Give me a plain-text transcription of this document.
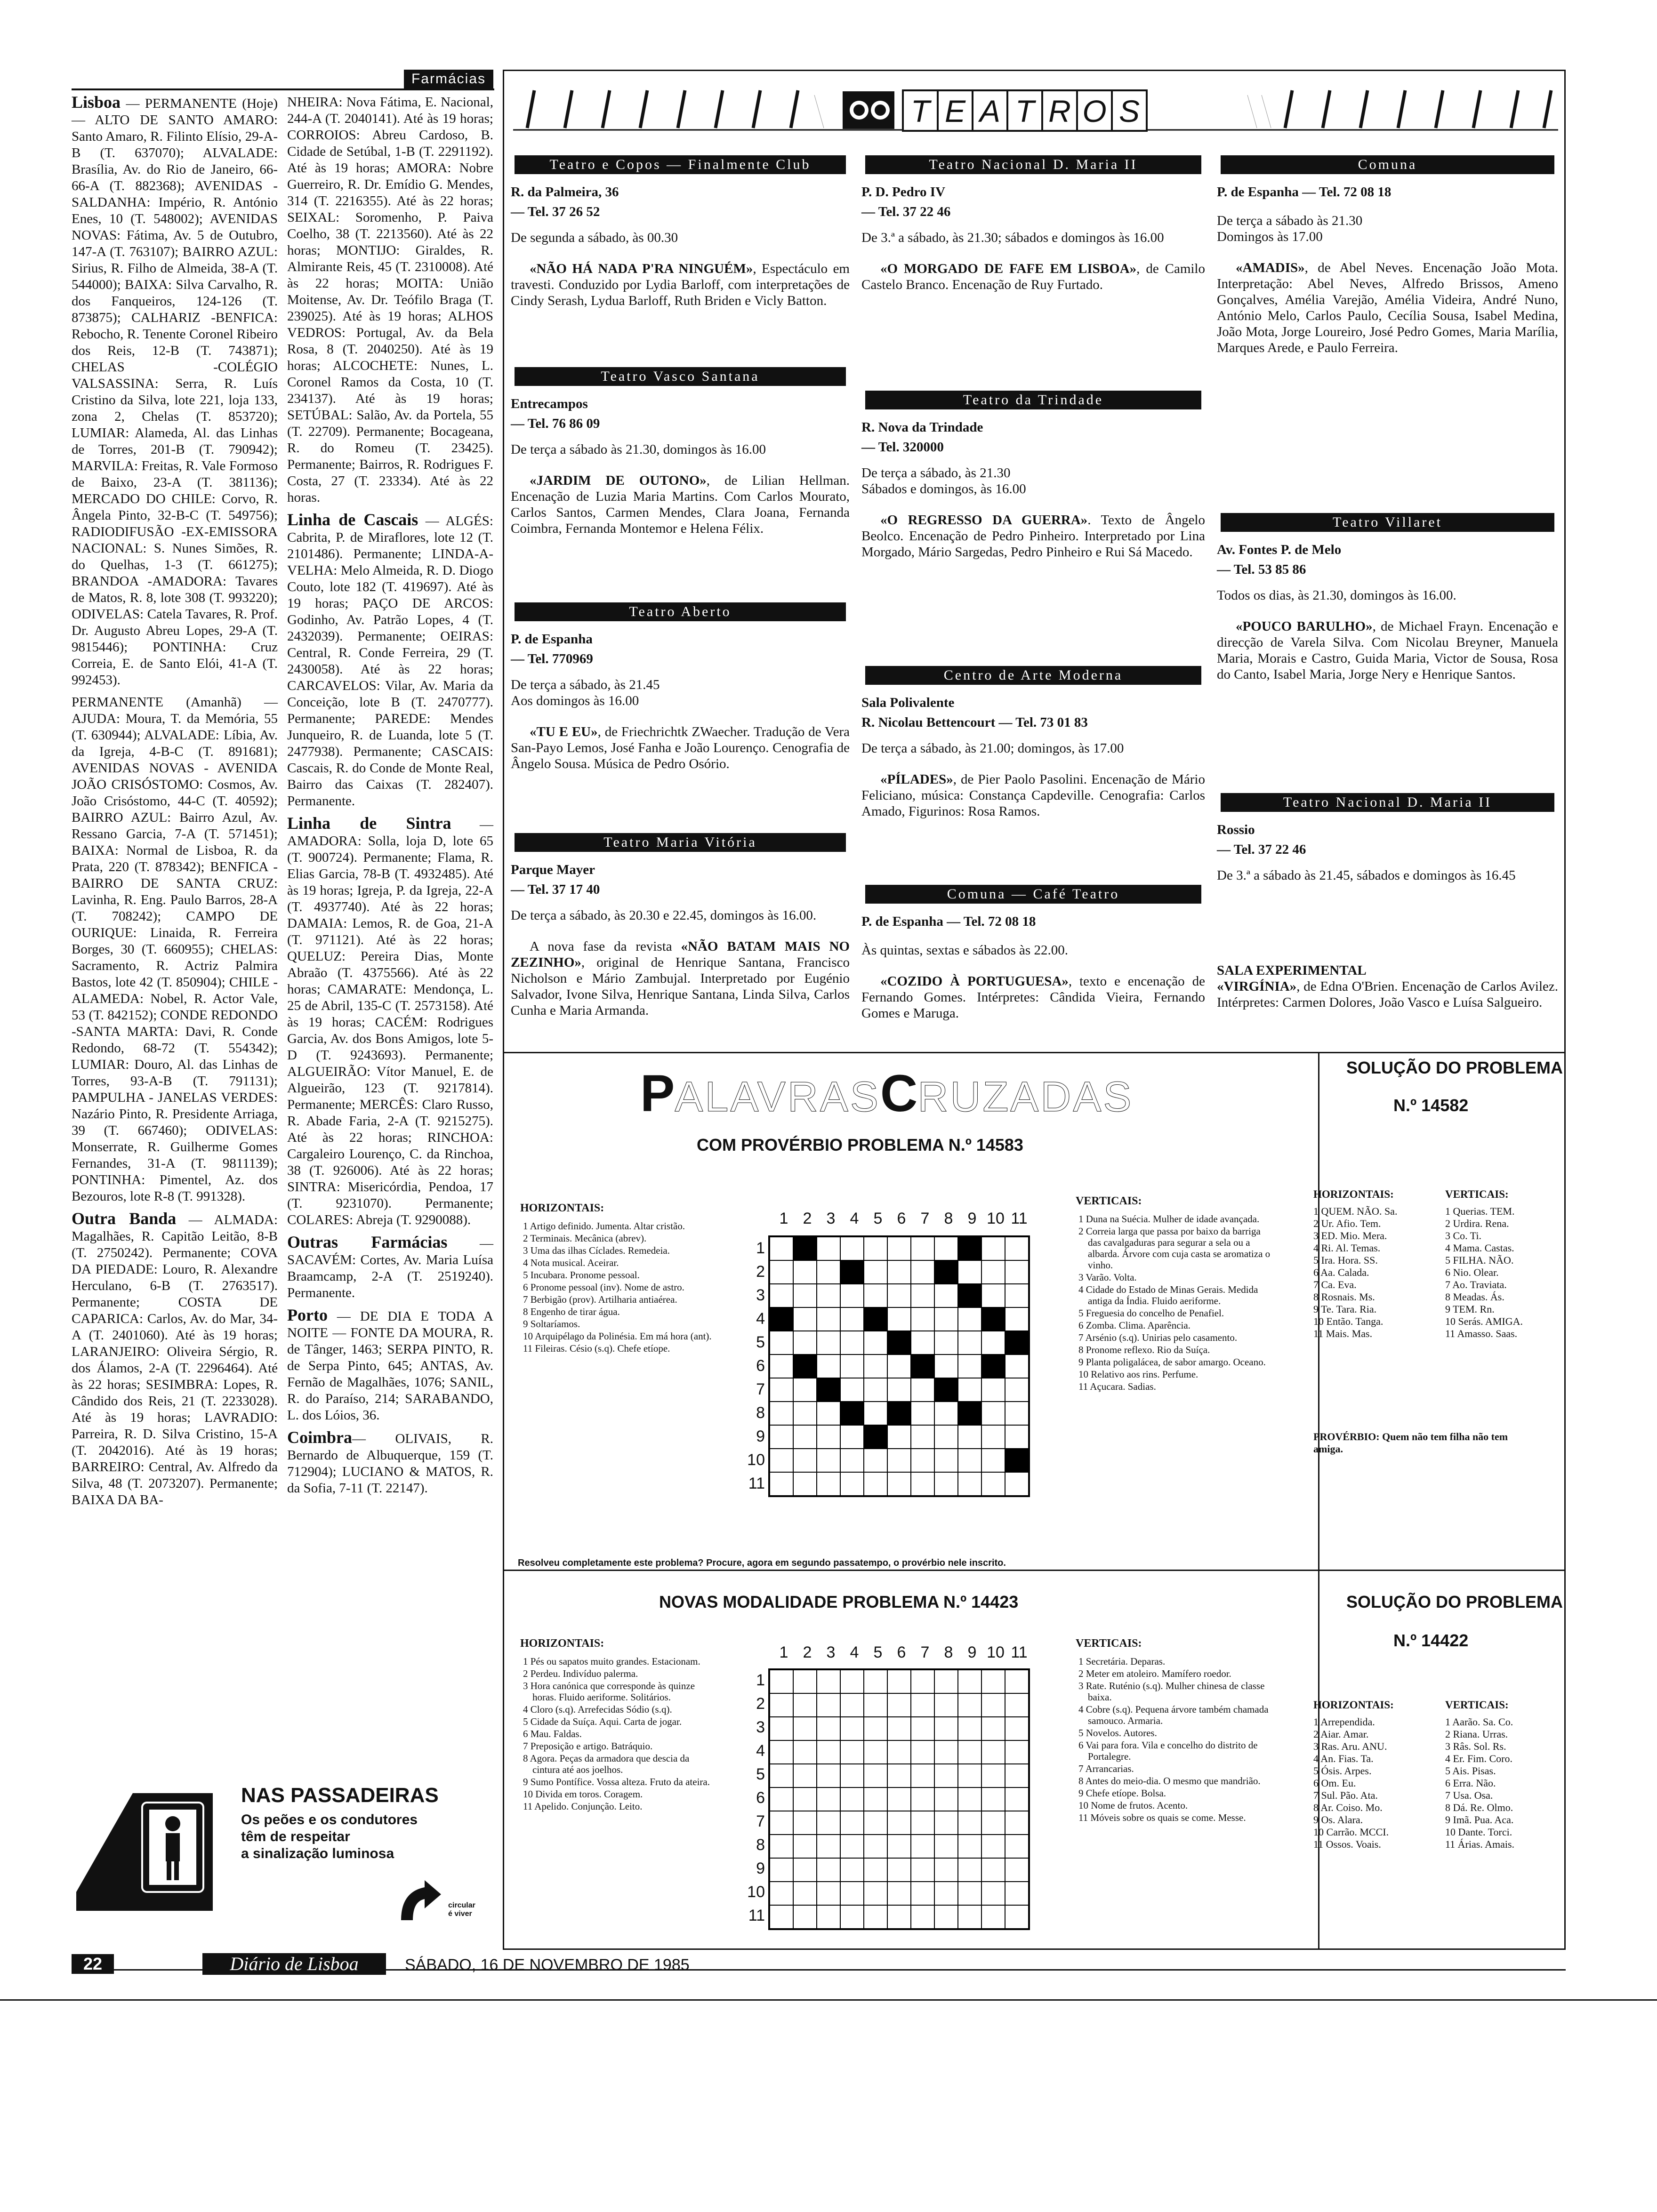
Farmácias

Lisboa — PERMANENTE (Hoje) — ALTO DE SANTO AMARO: Santo Amaro, R. Filinto Elísio, 29-A-B (T. 637070); ALVALADE: Brasília, Av. do Rio de Janeiro, 66-66-A (T. 882368); AVENIDAS - SALDANHA: Império, R. António Enes, 10 (T. 548002); AVENIDAS NOVAS: Fátima, Av. 5 de Outubro, 147-A (T. 763107); BAIRRO AZUL: Sirius, R. Filho de Almeida, 38-A (T. 544000); BAIXA: Silva Carvalho, R. dos Fanqueiros, 124-126 (T. 873875); CALHARIZ -BENFICA: Rebocho, R. Tenente Coronel Ribeiro dos Reis, 12-B (T. 743871); CHELAS -COLÉGIO VALSASSINA: Serra, R. Luís Cristino da Silva, lote 221, loja 133, zona 2, Chelas (T. 853720); LUMIAR: Alameda, Al. das Linhas de Torres, 201-B (T. 790942); MARVILA: Freitas, R. Vale Formoso de Baixo, 23-A (T. 381136); MERCADO DO CHILE: Corvo, R. Ângela Pinto, 32-B-C (T. 549756); RADIODIFUSÃO -EX-EMISSORA NACIONAL: S. Nunes Simões, R. do Quelhas, 1-3 (T. 661275); BRANDOA -AMADORA: Tavares de Matos, R. 8, lote 308 (T. 993220); ODIVELAS: Catela Tavares, R. Prof. Dr. Augusto Abreu Lopes, 29-A (T. 9815446); PONTINHA: Cruz Correia, E. de Santo Elói, 41-A (T. 992453).

PERMANENTE (Amanhã) — AJUDA: Moura, T. da Memória, 55 (T. 630944); ALVALADE: Líbia, Av. da Igreja, 4-B-C (T. 891681); AVENIDAS NOVAS - AVENIDA JOÃO CRISÓSTOMO: Cosmos, Av. João Crisóstomo, 44-C (T. 40592); BAIRRO AZUL: Bairro Azul, Av. Ressano Garcia, 7-A (T. 571451); BAIXA: Normal de Lisboa, R. da Prata, 220 (T. 878342); BENFICA -BAIRRO DE SANTA CRUZ: Lavinha, R. Eng. Paulo Barros, 28-A (T. 708242); CAMPO DE OURIQUE: Linaida, R. Ferreira Borges, 30 (T. 660955); CHELAS: Sacramento, R. Actriz Palmira Bastos, lote 42 (T. 850904); CHILE - ALAMEDA: Nobel, R. Actor Vale, 53 (T. 842152); CONDE REDONDO -SANTA MARTA: Davi, R. Conde Redondo, 68-72 (T. 554342); LUMIAR: Douro, Al. das Linhas de Torres, 93-A-B (T. 791131); PAMPULHA - JANELAS VERDES: Nazário Pinto, R. Presidente Arriaga, 39 (T. 667460); ODIVELAS: Monserrate, R. Guilherme Gomes Fernandes, 31-A (T. 9811139); PONTINHA: Pimentel, Az. dos Bezouros, lote R-8 (T. 991328).

Outra Banda — ALMADA: Magalhães, R. Capitão Leitão, 8-B (T. 2750242). Permanente; COVA DA PIEDADE: Louro, R. Alexandre Herculano, 6-B (T. 2763517). Permanente; COSTA DE CAPARICA: Carlos, Av. do Mar, 34-A (T. 2401060). Até às 19 horas; LARANJEIRO: Oliveira Sérgio, R. dos Álamos, 2-A (T. 2296464). Até às 22 horas; SESIMBRA: Lopes, R. Cândido dos Reis, 21 (T. 2233028). Até às 19 horas; LAVRADIO: Parreira, R. D. Silva Cristino, 15-A (T. 2042016). Até às 19 horas; BARREIRO: Central, Av. Alfredo da Silva, 48 (T. 2073207). Permanente; BAIXA DA BA-

NHEIRA: Nova Fátima, E. Nacional, 244-A (T. 2040141). Até às 19 horas; CORROIOS: Abreu Cardoso, B. Cidade de Setúbal, 1-B (T. 2291192). Até às 19 horas; AMORA: Nobre Guerreiro, R. Dr. Emídio G. Mendes, 314 (T. 2216355). Até às 22 horas; SEIXAL: Soromenho, P. Paiva Coelho, 38 (T. 2213560). Até às 22 horas; MONTIJO: Giraldes, R. Almirante Reis, 45 (T. 2310008). Até às 22 horas; MOITA: União Moitense, Av. Dr. Teófilo Braga (T. 239025). Até às 19 horas; ALHOS VEDROS: Portugal, Av. da Bela Rosa, 8 (T. 2040250). Até às 19 horas; ALCOCHETE: Nunes, L. Coronel Ramos da Costa, 10 (T. 234137). Até às 19 horas; SETÚBAL: Salão, Av. da Portela, 55 (T. 22709). Permanente; Bocageana, R. do Romeu (T. 23425). Permanente; Bairros, R. Rodrigues F. Costa, 27 (T. 23334). Até às 22 horas.

Linha de Cascais — ALGÉS: Cabrita, P. de Miraflores, lote 12 (T. 2101486). Permanente; LINDA-A-VELHA: Melo Almeida, R. D. Diogo Couto, lote 182 (T. 419697). Até às 19 horas; PAÇO DE ARCOS: Godinho, Av. Patrão Lopes, 4 (T. 2432039). Permanente; OEIRAS: Central, R. Conde Ferreira, 29 (T. 2430058). Até às 22 horas; CARCAVELOS: Vilar, Av. Maria da Conceição, lote B (T. 2470777). Permanente; PAREDE: Mendes Junqueiro, R. de Luanda, lote 5 (T. 2477938). Permanente; CASCAIS: Cascais, R. do Conde de Monte Real, Bairro das Caixas (T. 282407). Permanente.

Linha de Sintra — AMADORA: Solla, loja D, lote 65 (T. 900724). Permanente; Flama, R. Elias Garcia, 78-B (T. 4932485). Até às 19 horas; Igreja, P. da Igreja, 22-A (T. 4937740). Até às 22 horas; DAMAIA: Lemos, R. de Goa, 21-A (T. 971121). Até às 22 horas; QUELUZ: Pereira Dias, Monte Abraão (T. 4375566). Até às 22 horas; CAMARATE: Mendonça, L. 25 de Abril, 135-C (T. 2573158). Até às 19 horas; CACÉM: Rodrigues Garcia, Av. dos Bons Amigos, lote 5-D (T. 9243693). Permanente; ALGUEIRÃO: Vítor Manuel, E. de Algueirão, 123 (T. 9217814). Permanente; MERCÊS: Claro Russo, R. Abade Faria, 2-A (T. 9215275). Até às 22 horas; RINCHOA: Cargaleiro Lourenço, C. da Rinchoa, 38 (T. 926006). Até às 22 horas; SINTRA: Misericórdia, Pendoa, 17 (T. 9231070). Permanente; COLARES: Abreja (T. 9290088).

Outras Farmácias — SACAVÉM: Cortes, Av. Maria Luísa Braamcamp, 2-A (T. 2519240). Permanente.

Porto — DE DIA E TODA A NOITE — FONTE DA MOURA, R. de Tânger, 1463; SERPA PINTO, R. de Serpa Pinto, 645; ANTAS, Av. Fernão de Magalhães, 1076; SANIL, R. do Paraíso, 214; SARABANDO, L. dos Lóios, 36.

Coimbra— OLIVAIS, R. Bernardo de Albuquerque, 159 (T. 712904); LUCIANO & MATOS, R. da Sofia, 7-11 (T. 22147).

NAS PASSADEIRAS
Os peões e os condutores
têm de respeitar
a sinalização luminosa
circular
é viver
T E A T R O S
Teatro e Copos — Finalmente Club
R. da Palmeira, 36
— Tel. 37 26 52
De segunda a sábado, às 00.30
«NÃO HÁ NADA P'RA NINGUÉM», Espectáculo em travesti. Conduzido por Lydia Barloff, com interpretações de Cindy Serash, Lydua Barloff, Ruth Briden e Vicly Batton.
Teatro Vasco Santana
Entrecampos
— Tel. 76 86 09
De terça a sábado às 21.30, domingos às 16.00
«JARDIM DE OUTONO», de Lilian Hellman. Encenação de Luzia Maria Martins. Com Carlos Mourato, Carlos Santos, Carmen Mendes, Clara Joana, Fernanda Coimbra, Fernanda Montemor e Helena Félix.
Teatro Aberto
P. de Espanha
— Tel. 770969
De terça a sábado, às 21.45
Aos domingos às 16.00
«TU E EU», de Friechrichtk ZWaecher. Tradução de Vera San-Payo Lemos, José Fanha e João Lourenço. Cenografia de Ângelo Sousa. Música de Pedro Osório.
Teatro Maria Vitória
Parque Mayer
— Tel. 37 17 40
De terça a sábado, às 20.30 e 22.45, domingos às 16.00.
A nova fase da revista «NÃO BATAM MAIS NO ZEZINHO», original de Henrique Santana, Francisco Nicholson e Mário Zambujal. Interpretado por Eugénio Salvador, Ivone Silva, Henrique Santana, Linda Silva, Carlos Cunha e Maria Armanda.
Teatro Nacional D. Maria II
P. D. Pedro IV
— Tel. 37 22 46
De 3.ª a sábado, às 21.30; sábados e domingos às 16.00
«O MORGADO DE FAFE EM LISBOA», de Camilo Castelo Branco. Encenação de Ruy Furtado.
Teatro da Trindade
R. Nova da Trindade
— Tel. 320000
De terça a sábado, às 21.30
Sábados e domingos, às 16.00
«O REGRESSO DA GUERRA». Texto de Ângelo Beolco. Encenação de Pedro Pinheiro. Interpretado por Lina Morgado, Mário Sargedas, Pedro Pinheiro e Rui Sá Macedo.
Centro de Arte Moderna
Sala Polivalente
R. Nicolau Bettencourt — Tel. 73 01 83
De terça a sábado, às 21.00; domingos, às 17.00
«PÍLADES», de Pier Paolo Pasolini. Encenação de Mário Feliciano, música: Constança Capdeville. Cenografia: Carlos Amado, Figurinos: Rosa Ramos.
Comuna — Café Teatro
P. de Espanha — Tel. 72 08 18
Às quintas, sextas e sábados às 22.00.
«COZIDO À PORTUGUESA», texto e encenação de Fernando Gomes. Intérpretes: Cândida Vieira, Fernando Gomes e Maruga.
Comuna
P. de Espanha — Tel. 72 08 18
De terça a sábado às 21.30
Domingos às 17.00
«AMADIS», de Abel Neves. Encenação João Mota. Interpretação: Abel Neves, Alfredo Brissos, Ameno Gonçalves, Amélia Varejão, Amélia Videira, André Nuno, António Melo, Carlos Paulo, Cecília Sousa, Isabel Medina, João Mota, Jorge Loureiro, José Pedro Gomes, Maria Marília, Marques Arede, e Paulo Ferreira.
Teatro Villaret
Av. Fontes P. de Melo
— Tel. 53 85 86
Todos os dias, às 21.30, domingos às 16.00.
«POUCO BARULHO», de Michael Frayn. Encenação e direcção de Varela Silva. Com Nicolau Breyner, Manuela Maria, Morais e Castro, Guida Maria, Victor de Sousa, Rosa do Canto, Isabel Maria, Jorge Nery e Henrique Santos.
Teatro Nacional D. Maria II
Rossio
— Tel. 37 22 46
De 3.ª a sábado às 21.45, sábados e domingos às 16.45
SALA EXPERIMENTAL
«VIRGÍNIA», de Edna O'Brien. Encenação de Carlos Avilez. Intérpretes: Carmen Dolores, João Vasco e Luísa Salgueiro.
PALAVRASCRUZADAS
COM PROVÉRBIO PROBLEMA N.º 14583
HORIZONTAIS:
1 Artigo definido. Jumenta. Altar cristão.
2 Terminais. Mecânica (abrev).
3 Uma das ilhas Cíclades. Remedeia.
4 Nota musical. Aceirar.
5 Incubara. Pronome pessoal.
6 Pronome pessoal (inv). Nome de astro.
7 Berbigão (prov). Artilharia antiaérea.
8 Engenho de tirar água.
9 Soltaríamos.
10 Arquipélago da Polinésia. Em má hora (ant).
11 Fileiras. Césio (s.q). Chefe etíope.
1 2 3 4 5 6 7 8 9 10 11
1
2
3
4
5
6
7
8
9
10
11
VERTICAIS:
1 Duna na Suécia. Mulher de idade avançada.
2 Correia larga que passa por baixo da barriga das cavalgaduras para segurar a sela ou a albarda. Árvore com cuja casta se aromatiza o vinho.
3 Varão. Volta.
4 Cidade do Estado de Minas Gerais. Medida antiga da Índia. Fluido aeriforme.
5 Freguesia do concelho de Penafiel.
6 Zomba. Clima. Aparência.
7 Arsénio (s.q). Unirias pelo casamento.
8 Pronome reflexo. Rio da Suíça.
9 Planta poligalácea, de sabor amargo. Oceano.
10 Relativo aos rins. Perfume.
11 Açucara. Sadias.
Resolveu completamente este problema? Procure, agora em segundo passatempo, o provérbio nele inscrito.
SOLUÇÃO DO PROBLEMA
N.º 14582
HORIZONTAIS:
1 QUEM. NÃO. Sa.
2 Ur. Afio. Tem.
3 ED. Mio. Mera.
4 Ri. Al. Temas.
5 Ira. Hora. SS.
6 Aa. Calada.
7 Ca. Eva.
8 Rosnais. Ms.
9 Te. Tara. Ria.
10 Então. Tanga.
11 Mais. Mas.
VERTICAIS:
1 Querias. TEM.
2 Urdira. Rena.
3 Co. Ti.
4 Mama. Castas.
5 FILHA. NÃO.
6 Nio. Olear.
7 Ao. Traviata.
8 Meadas. Ás.
9 TEM. Rn.
10 Serás. AMIGA.
11 Amasso. Saas.
PROVÉRBIO: Quem não tem filha não tem amiga.
NOVAS MODALIDADE PROBLEMA N.º 14423
HORIZONTAIS:
1 Pés ou sapatos muito grandes. Estacionam.
2 Perdeu. Indivíduo palerma.
3 Hora canónica que corresponde às quinze horas. Fluido aeriforme. Solitários.
4 Cloro (s.q). Arrefecidas Sódio (s.q).
5 Cidade da Suíça. Aqui. Carta de jogar.
6 Mau. Faldas.
7 Preposição e artigo. Batráquio.
8 Agora. Peças da armadora que descia da cintura até aos joelhos.
9 Sumo Pontífice. Vossa alteza. Fruto da ateira.
10 Divida em toros. Coragem.
11 Apelido. Conjunção. Leito.
1 2 3 4 5 6 7 8 9 10 11
1
2
3
4
5
6
7
8
9
10
11
VERTICAIS:
1 Secretária. Deparas.
2 Meter em atoleiro. Mamífero roedor.
3 Rate. Ruténio (s.q). Mulher chinesa de classe baixa.
4 Cobre (s.q). Pequena árvore também chamada samouco. Armaria.
5 Novelos. Autores.
6 Vai para fora. Vila e concelho do distrito de Portalegre.
7 Arrancarias.
8 Antes do meio-dia. O mesmo que mandrião.
9 Chefe etíope. Bolsa.
10 Nome de frutos. Acento.
11 Móveis sobre os quais se come. Messe.
SOLUÇÃO DO PROBLEMA
N.º 14422
HORIZONTAIS:
1 Arrependida.
2 Aiar. Amar.
3 Ras. Aru. ANU.
4 An. Fias. Ta.
5 Ósis. Arpes.
6 Om. Eu.
7 Sul. Pão. Ata.
8 Ar. Coiso. Mo.
9 Os. Alara.
10 Carrão. MCCI.
11 Ossos. Voais.
VERTICAIS:
1 Aarão. Sa. Co.
2 Riana. Urras.
3 Râs. Sol. Rs.
4 Er. Fim. Coro.
5 Ais. Pisas.
6 Erra. Não.
7 Usa. Osa.
8 Dá. Re. Olmo.
9 Imã. Pua. Aca.
10 Dante. Torci.
11 Árias. Amais.
22	Diário de Lisboa	SÁBADO, 16 DE NOVEMBRO DE 1985
